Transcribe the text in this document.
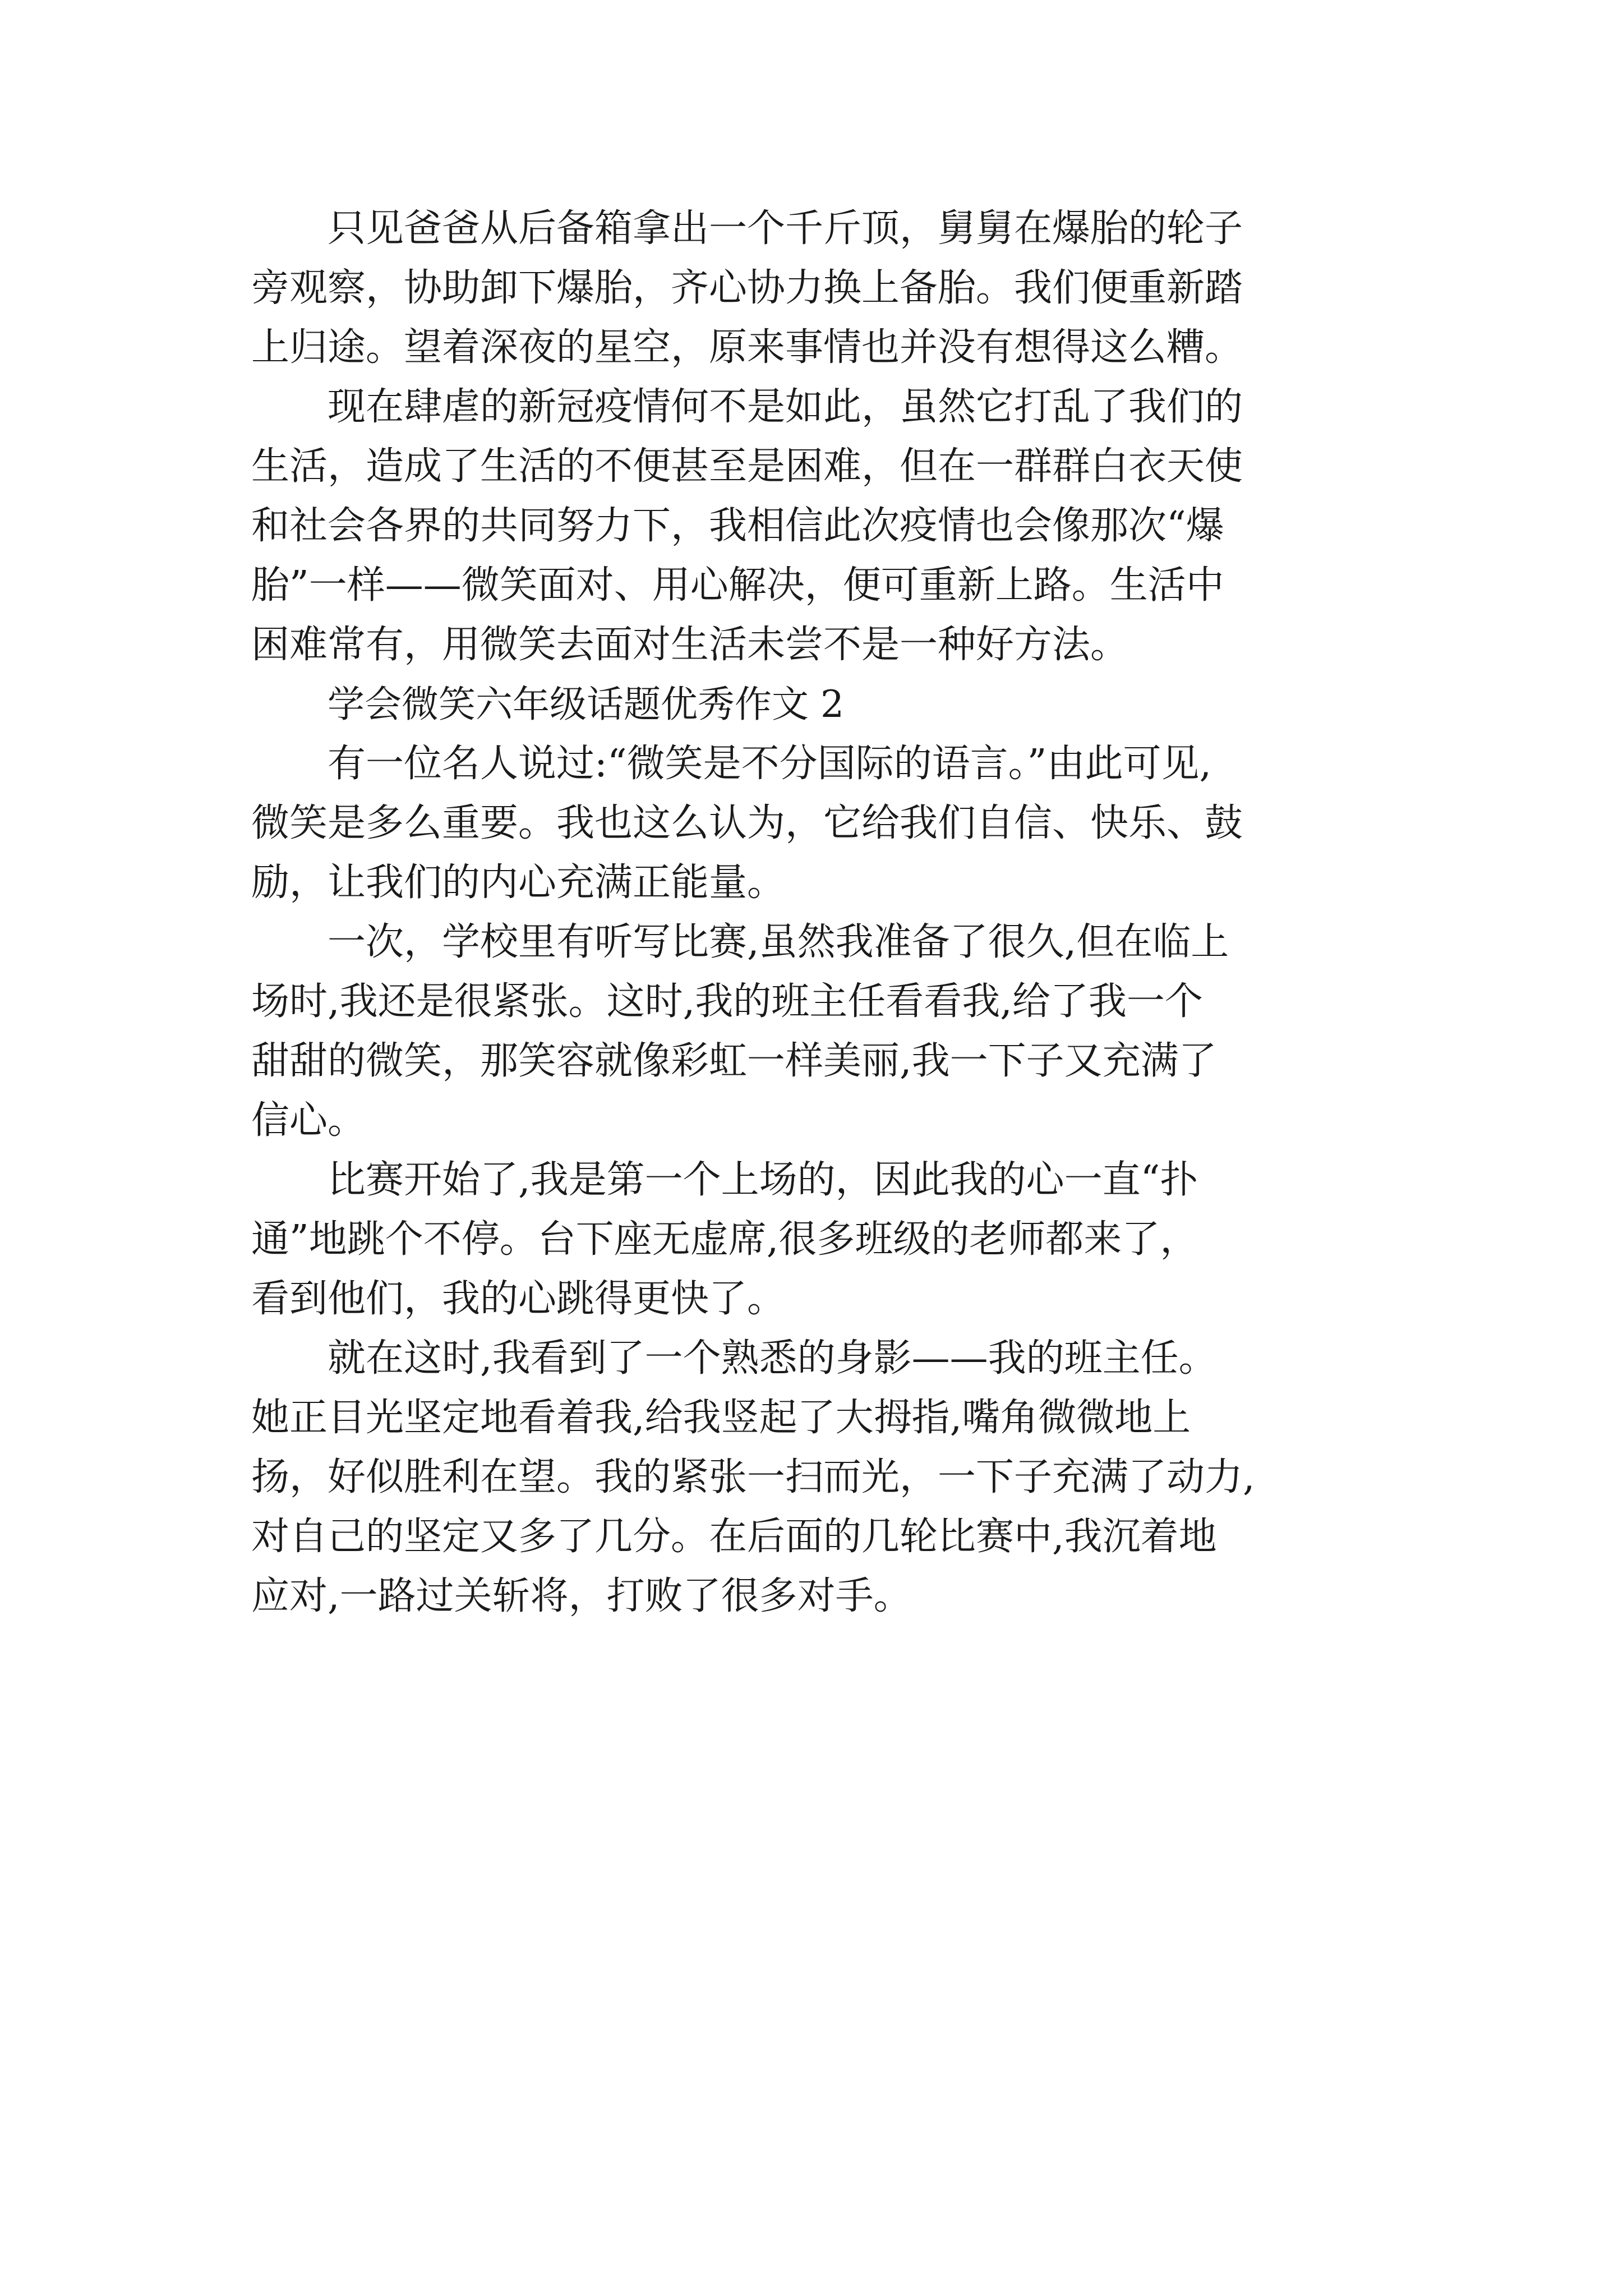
只见爸爸从后备箱拿出一个千斤顶，舅舅在爆胎的轮子
旁观察，协助卸下爆胎，齐心协力换上备胎。我们便重新踏
上归途。望着深夜的星空，原来事情也并没有想得这么糟。
现在肆虐的新冠疫情何不是如此，虽然它打乱了我们的
生活，造成了生活的不便甚至是困难，但在一群群白衣天使
和社会各界的共同努力下，我相信此次疫情也会像那次“爆
胎”一样——微笑面对、用心解决，便可重新上路。生活中
困难常有，用微笑去面对生活未尝不是一种好方法。
学会微笑六年级话题优秀作文 2
有一位名人说过:“微笑是不分国际的语言。”由此可见,
微笑是多么重要。我也这么认为，它给我们自信、快乐、鼓
励，让我们的内心充满正能量。
一次，学校里有听写比赛,虽然我准备了很久,但在临上
场时,我还是很紧张。这时,我的班主任看看我,给了我一个
甜甜的微笑，那笑容就像彩虹一样美丽,我一下子又充满了
信心。
比赛开始了,我是第一个上场的，因此我的心一直“扑
通”地跳个不停。台下座无虚席,很多班级的老师都来了，
看到他们，我的心跳得更快了。
就在这时,我看到了一个熟悉的身影——我的班主任。
她正目光坚定地看着我,给我竖起了大拇指,嘴角微微地上
扬，好似胜利在望。我的紧张一扫而光，一下子充满了动力,
对自己的坚定又多了几分。在后面的几轮比赛中,我沉着地
应对,一路过关斩将，打败了很多对手。
